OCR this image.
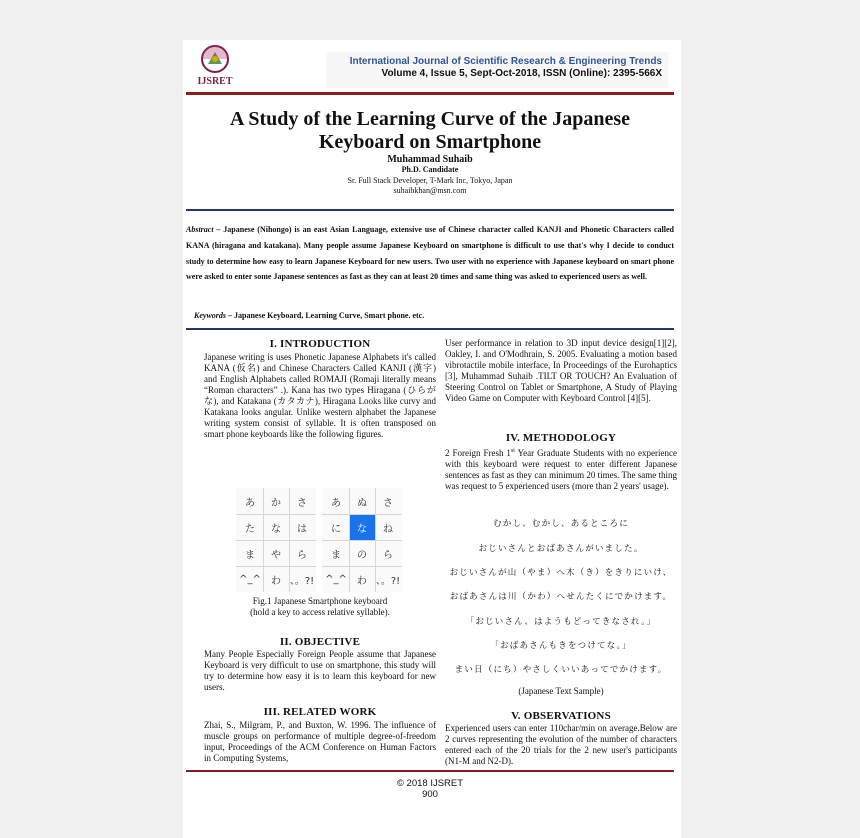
IJSRET
International Journal of Scientific Research & Engineering Trends
Volume 4, Issue 5, Sept-Oct-2018, ISSN (Online): 2395-566X
A Study of the Learning Curve of the Japanese
Keyboard on Smartphone
Muhammad Suhaib
Ph.D. Candidate
Sr. Full Stack Developer, T-Mark Inc, Tokyo, Japan
suhaibkhan@msn.com
Abstract – Japanese (Nihongo) is an east Asian Language, extensive use of Chinese character called KANJI and Phonetic Characters called KANA (hiragana and katakana). Many people assume Japanese Keyboard on smartphone is difficult to use that's why I decide to conduct study to determine how easy to learn Japanese Keyboard for new users. Two user with no experience with Japanese keyboard on smart phone were asked to enter some Japanese sentences as fast as they can at least 20 times and same thing was asked to experienced users as well.
Keywords – Japanese Keyboard, Learning Curve, Smart phone. etc.
I. INTRODUCTION
Japanese writing is uses Phonetic Japanese Alphabets it's called KANA (仮名) and Chinese Characters Called KANJI (漢字) and English Alphabets called ROMAJI (Romaji literally means “Roman characters” .). Kana has two types Hiragana (ひらがな), and Katakana (カタカナ), Hiragana Looks like curvy and Katakana looks angular. Unlike western alphabet the Japanese writing system consist of syllable. It is often transposed on smart phone keyboards like the following figures.
あ	か	さ
た	な	は
ま	や	ら
^_^	わ 、。?!
あ	ぬ	さ
に	な	ね
ま	の	ら
^_^	わ 、。?!
Fig.1 Japanese Smartphone keyboard
(hold a key to access relative syllable).
II. OBJECTIVE
Many People Especially Foreign People assume that Japanese Keyboard is very difficult to use on smartphone, this study will try to determine how easy it is to learn this keyboard for new users.
III. RELATED WORK
Zhai, S., Milgram, P., and Buxton, W. 1996. The influence of muscle groups on performance of multiple degree-of-freedom input, Proceedings of the ACM Conference on Human Factors in Computing Systems,
User performance in relation to 3D input device design[1][2], Oakley, I. and O'Modhrain, S. 2005. Evaluating a motion based vibrotactile mobile interface, In Proceedings of the Eurohaptics [3], Muhammad Suhaib .TILT OR TOUCH? An Evaluation of Steering Control on Tablet or Smartphone, A Study of Playing Video Game on Computer with Keyboard Control [4][5].
IV. METHODOLOGY
2 Foreign Fresh 1st Year Graduate Students with no experience with this keyboard were request to enter different Japanese sentences as fast as they can minimum 20 times. The same thing was request to 5 experienced users (more than 2 years' usage).
むかし、むかし、あるところに
おじいさんとおばあさんがいました。
おじいさんが山（やま）へ木（き）をきりにいけ、
おばあさんは川（かわ）へせんたくにでかけます。
「おじいさん、はようもどってきなされ。」
「おばあさんもきをつけてな。」
まい日（にち）やさしくいいあってでかけます。
(Japanese Text Sample)
V. OBSERVATIONS
Experienced users can enter 110char/min on average.Below are 2 curves representing the evolution of the number of characters entered each of the 20 trials for the 2 new user's participants (N1-M and N2-D).
© 2018 IJSRET
900
